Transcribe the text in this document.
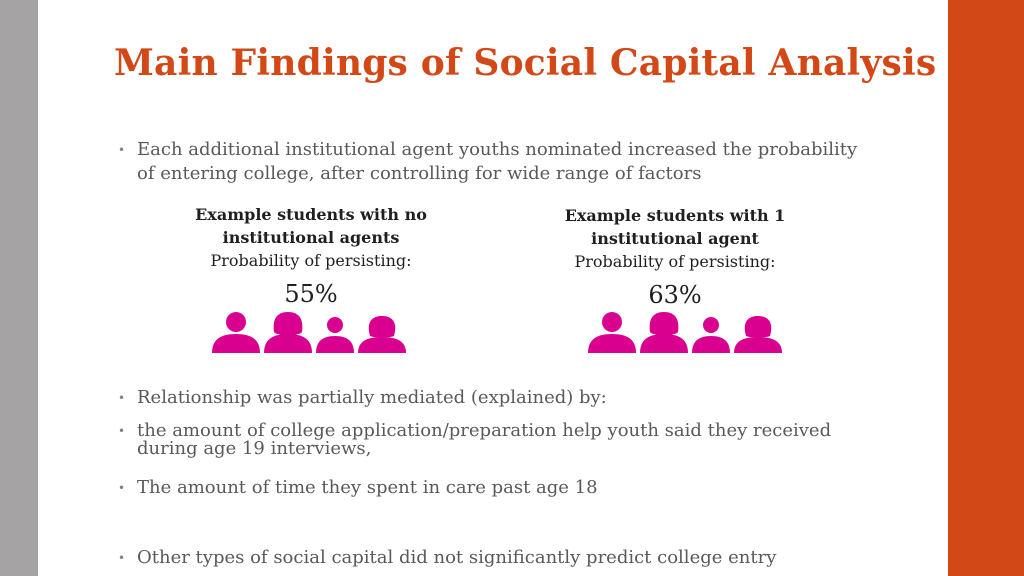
Main Findings of Social Capital Analysis
• Each additional institutional agent youths nominated increased the probability of entering college, after controlling for wide range of factors
Example students with no institutional agents
Probability of persisting:
55%
Example students with 1 institutional agent
Probability of persisting:
63%
• Relationship was partially mediated (explained) by:
• the amount of college application/preparation help youth said they received during age 19 interviews,
• The amount of time they spent in care past age 18
• Other types of social capital did not significantly predict college entry
